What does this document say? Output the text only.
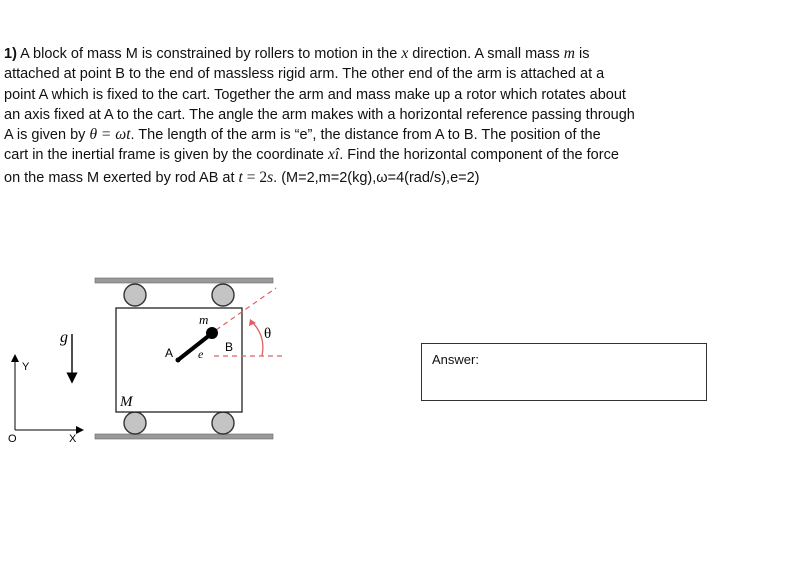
1) A block of mass M is constrained by rollers to motion in the x direction. A small mass m is
attached at point B to the end of massless rigid arm. The other end of the arm is attached at a
point A which is fixed to the cart. Together the arm and mass make up a rotor which rotates about
an axis fixed at A to the cart. The angle the arm makes with a horizontal reference passing through
A is given by θ = ωt. The length of the arm is “e”, the distance from A to B. The position of the
cart in the inertial frame is given by the coordinate xi. Find the horizontal component of the force
on the mass M exerted by rod AB at t = 2s. (M=2,m=2(kg),ω=4(rad/s),e=2)
m
A	B
e
θ
M
g
Y
X
O
Answer:
